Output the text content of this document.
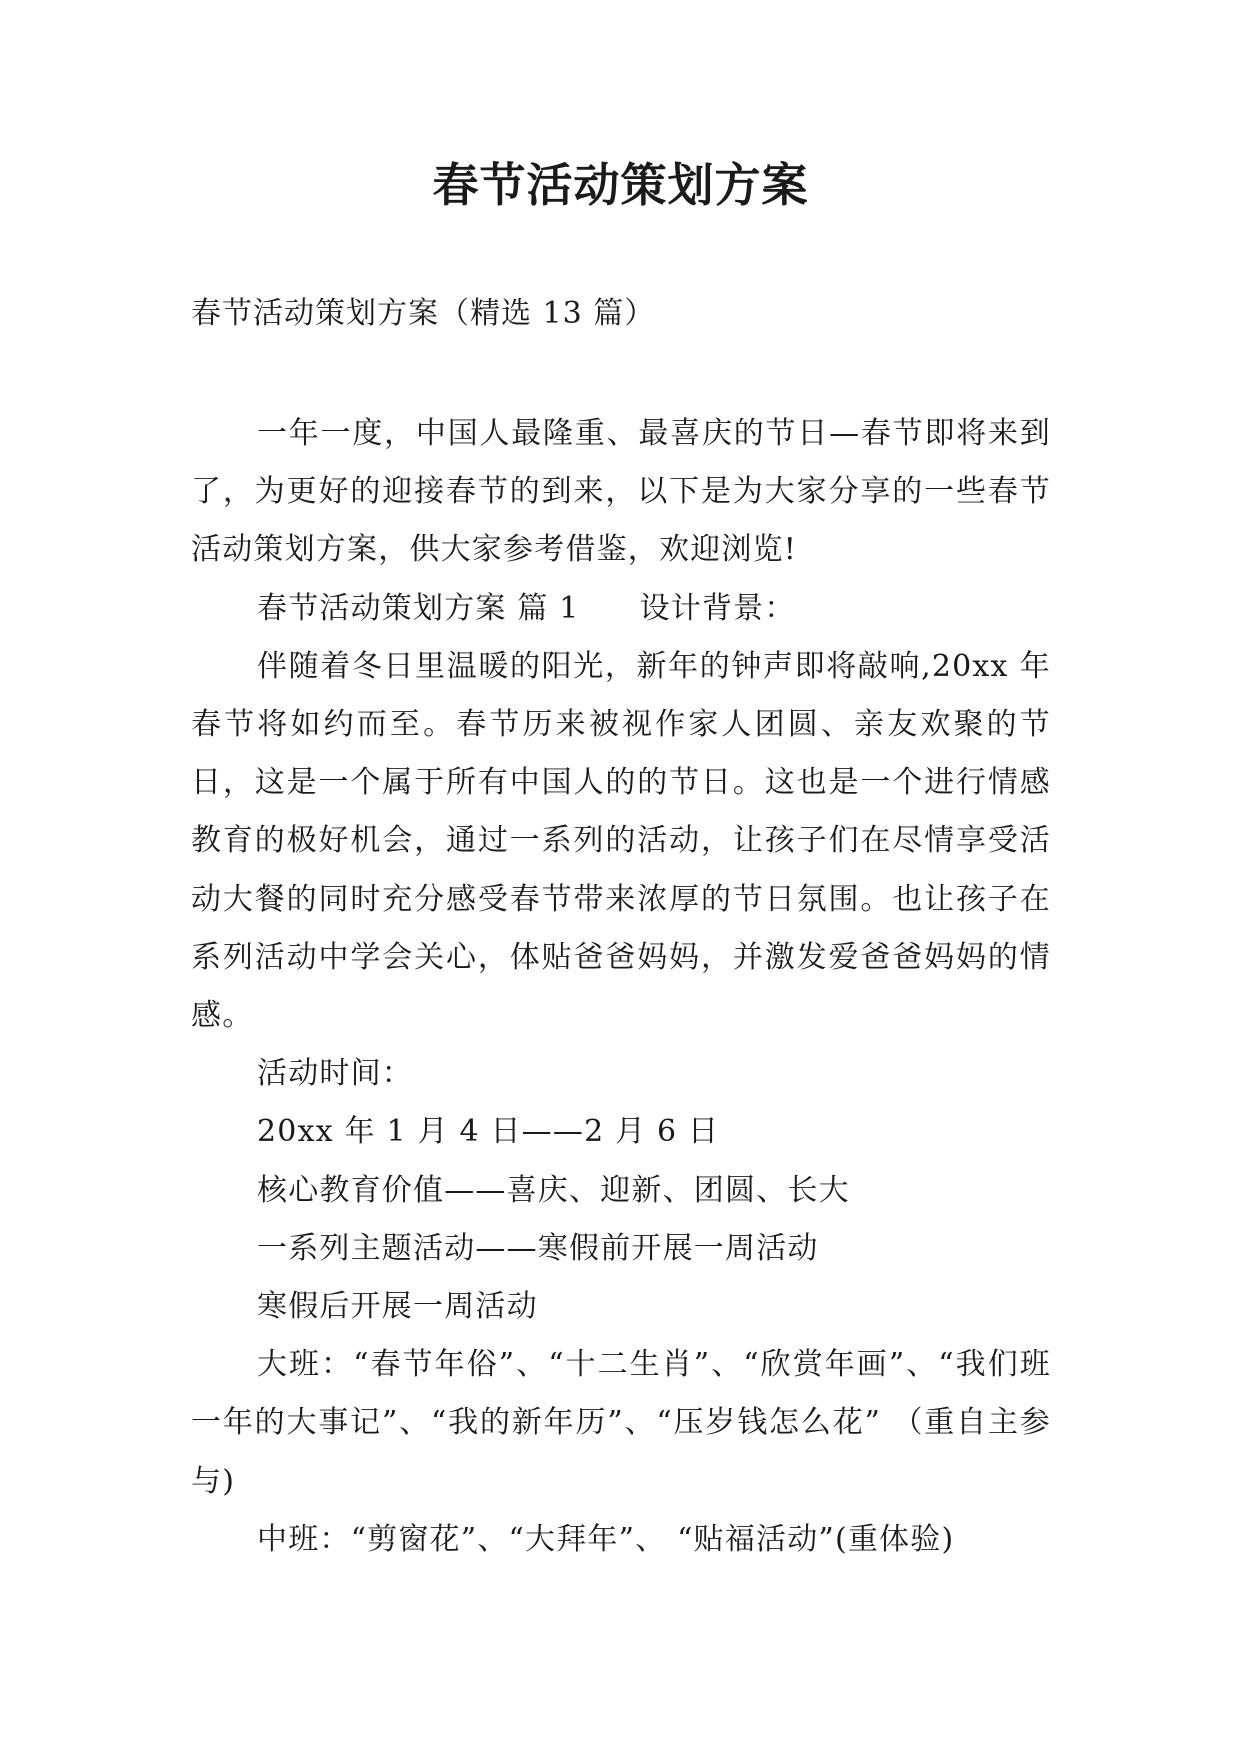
春节活动策划方案
春节活动策划方案（精选 13 篇）

一年一度，中国人最隆重、最喜庆的节日—春节即将来到了，为更好的迎接春节的到来，以下是为大家分享的一些春节活动策划方案，供大家参考借鉴，欢迎浏览!

春节活动策划方案 篇 1 设计背景：

伴随着冬日里温暖的阳光，新年的钟声即将敲响,20xx 年春节将如约而至。春节历来被视作家人团圆、亲友欢聚的节日，这是一个属于所有中国人的的节日。这也是一个进行情感教育的极好机会，通过一系列的活动，让孩子们在尽情享受活动大餐的同时充分感受春节带来浓厚的节日氛围。也让孩子在系列活动中学会关心，体贴爸爸妈妈，并激发爱爸爸妈妈的情感。

活动时间：

20xx 年 1 月 4 日——2 月 6 日

核心教育价值——喜庆、迎新、团圆、长大

一系列主题活动——寒假前开展一周活动

寒假后开展一周活动

大班：“春节年俗”、“十二生肖”、“欣赏年画”、“我们班一年的大事记”、“我的新年历”、“压岁钱怎么花” （重自主参与)

中班：“剪窗花”、“大拜年”、 “贴福活动”(重体验)
